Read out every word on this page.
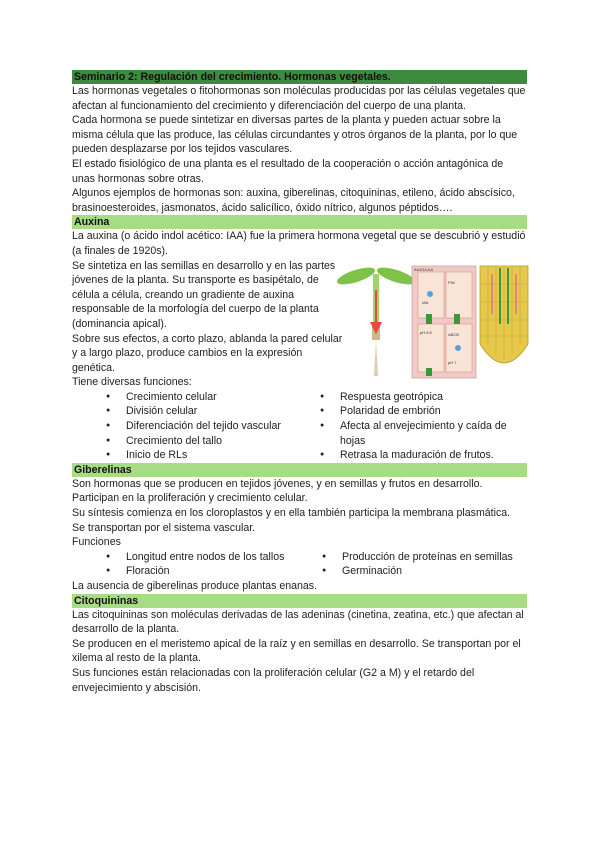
Seminario 2: Regulación del crecimiento. Hormonas vegetales.

Las hormonas vegetales o fitohormonas son moléculas producidas por las células vegetales que afectan al funcionamiento del crecimiento y diferenciación del cuerpo de una planta.

Cada hormona se puede sintetizar en diversas partes de la planta y pueden actuar sobre la misma célula que las produce, las células circundantes y otros órganos de la planta, por lo que pueden desplazarse por los tejidos vasculares.

El estado fisiológico de una planta es el resultado de la cooperación o acción antagónica de unas hormonas sobre otras.

Algunos ejemplos de hormonas son: auxina, giberelinas, citoquininas, etileno, ácido abscísico, brasinoesteroides, jasmonatos, ácido salicílico, óxido nítrico, algunos péptidos….

Auxina

La auxina (o ácido indol acético: IAA) fue la primera hormona vegetal que se descubrió y estudió (a finales de 1920s).

Se sintetiza en las semillas en desarrollo y en las partes jóvenes de la planta. Su transporte es basipétalo, de célula a célula, creando un gradiente de auxina responsable de la morfología del cuerpo de la planta (dominancia apical).

Sobre sus efectos, a corto plazo, ablanda la pared celular y a largo plazo, produce cambios en la expresión genética.

Tiene diversas funciones:

● Crecimiento celular
● División celular
● Diferenciación del tejido vascular
● Crecimiento del tallo
● Inicio de RLs
● Respuesta geotrópica
● Polaridad de embrión
● Afecta al envejecimiento y caída de hojas
● Retrasa la maduración de frutos.
Giberelinas

Son hormonas que se producen en tejidos jóvenes, y en semillas y frutos en desarrollo.

Participan en la proliferación y crecimiento celular.

Su síntesis comienza en los cloroplastos y en ella también participa la membrana plasmática.

Se transportan por el sistema vascular.

Funciones

● Longitud entre nodos de los tallos
● Floración
● Producción de proteínas en semillas
● Germinación

La ausencia de giberelinas produce plantas enanas.

Citoquininas

Las citoquininas son moléculas derivadas de las adeninas (cinetina, zeatina, etc.) que afectan al desarrollo de la planta.

Se producen en el meristemo apical de la raíz y en semillas en desarrollo. Se transportan por el xilema al resto de la planta.

Sus funciones están relacionadas con la proliferación celular (G2 a M) y el retardo del envejecimiento y abscisión.

AUX1/LAX
PIN
IAA
ABCB
pH 5.5
pH 7
